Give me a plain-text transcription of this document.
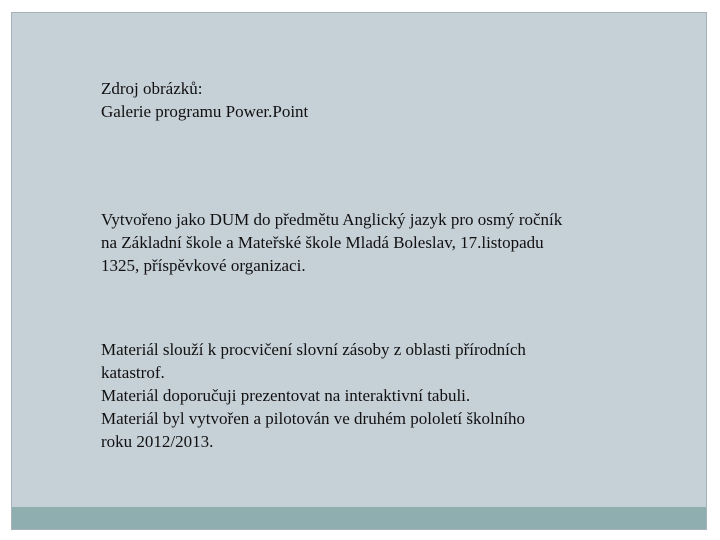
Zdroj obrázků:
Galerie programu Power.Point
Vytvořeno jako DUM do předmětu Anglický jazyk pro osmý ročník
na Základní škole a Mateřské škole Mladá Boleslav, 17.listopadu
1325, příspěvkové organizaci.
Materiál slouží k procvičení slovní zásoby z oblasti přírodních
katastrof.
Materiál doporučuji prezentovat na interaktivní tabuli.
Materiál byl vytvořen a pilotován ve druhém pololetí školního
roku 2012/2013.
